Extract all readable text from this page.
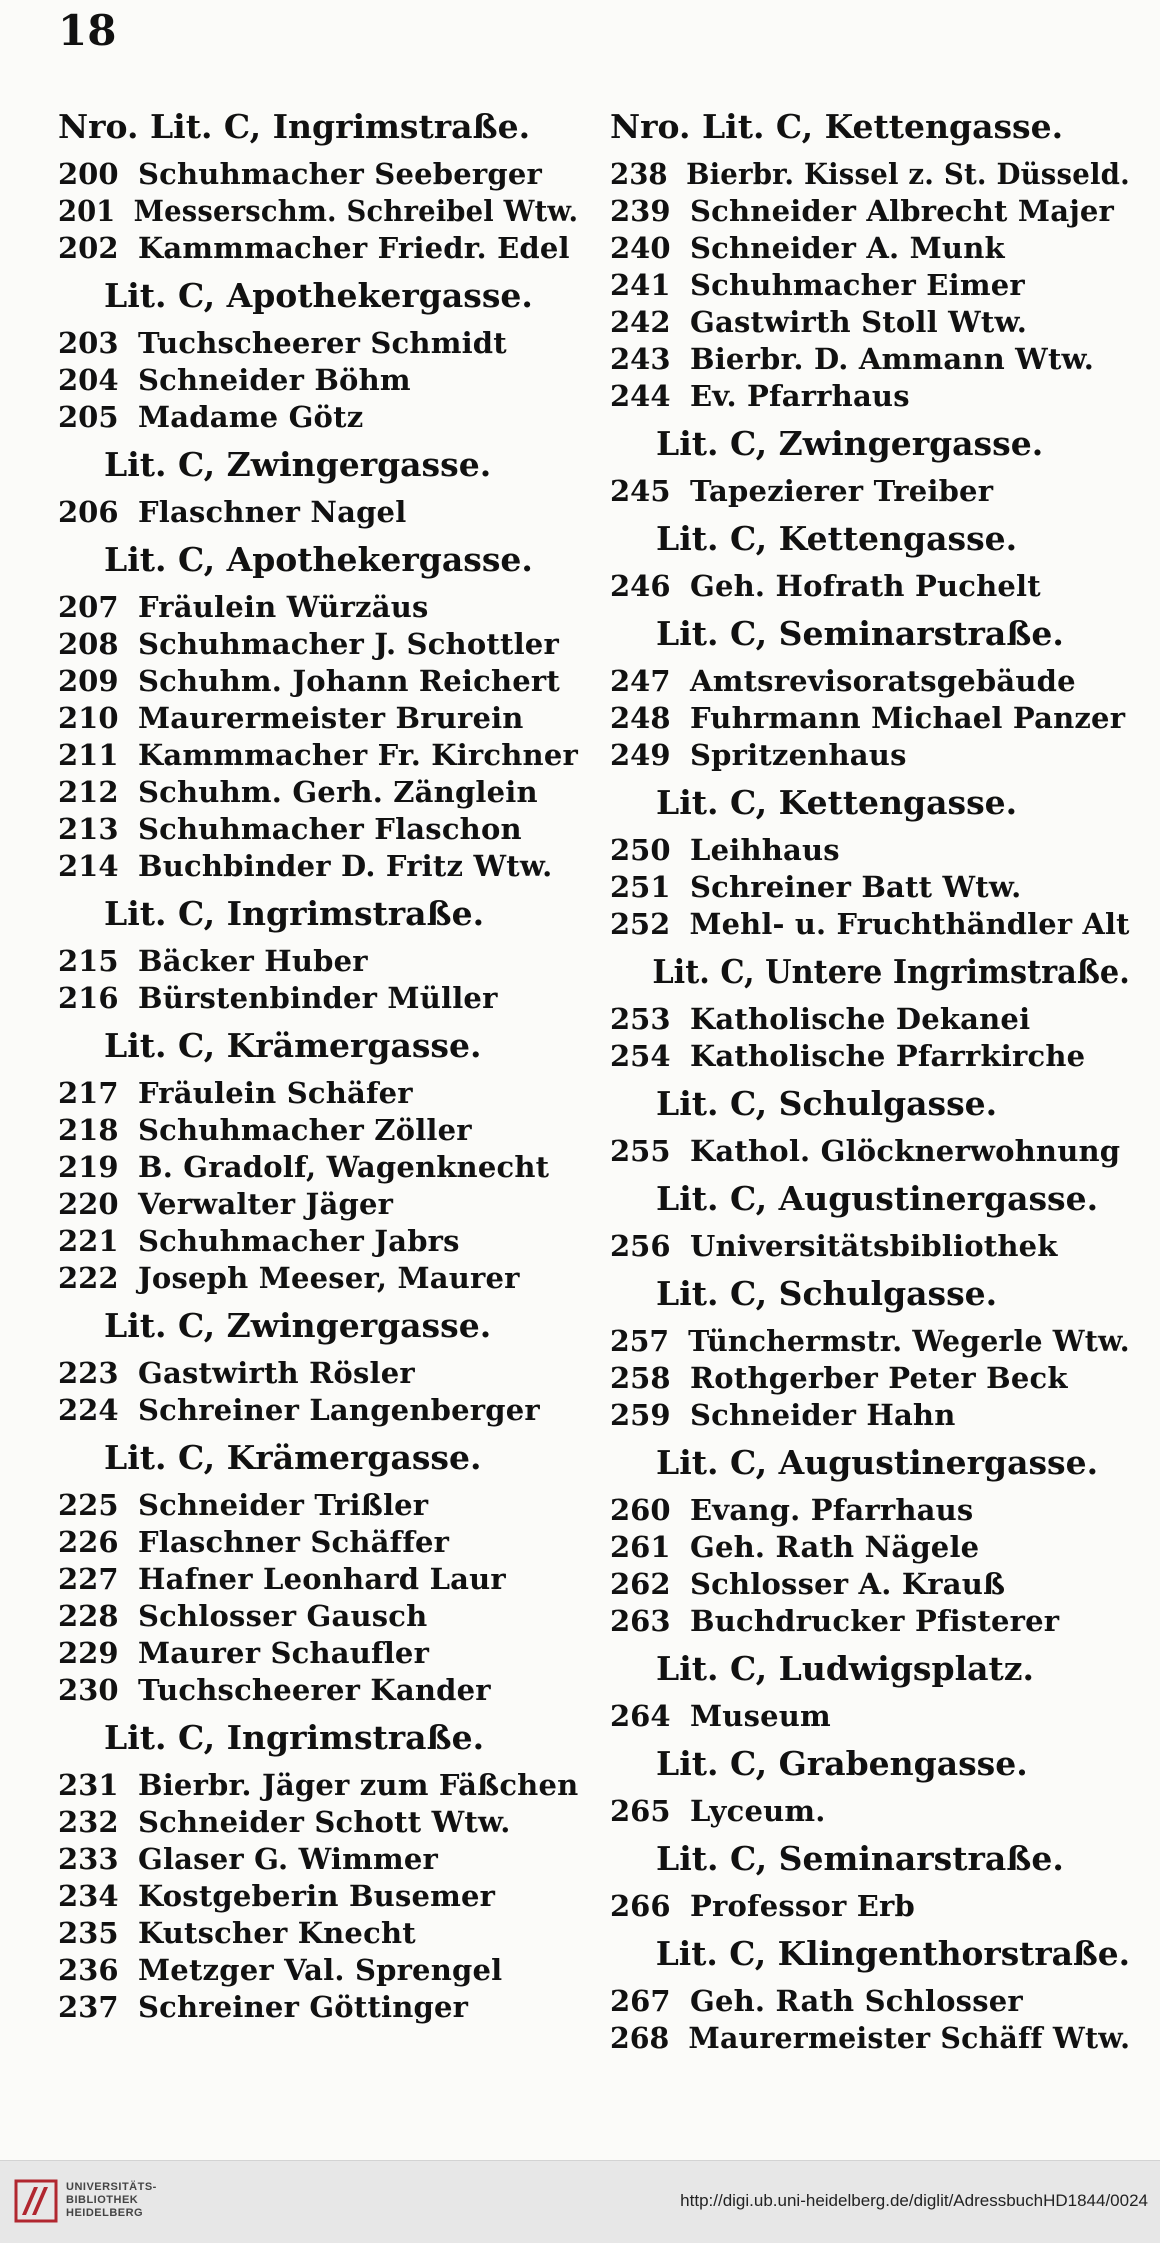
18
Nro. Lit. C, Ingrimstraße.
200 Schuhmacher Seeberger
201 Messerschm. Schreibel Wtw.
202 Kammmacher Friedr. Edel
Lit. C, Apothekergasse.
203 Tuchscheerer Schmidt
204 Schneider Böhm
205 Madame Götz
Lit. C, Zwingergasse.
206 Flaschner Nagel
Lit. C, Apothekergasse.
207 Fräulein Würzäus
208 Schuhmacher J. Schottler
209 Schuhm. Johann Reichert
210 Maurermeister Brurein
211 Kammmacher Fr. Kirchner
212 Schuhm. Gerh. Zänglein
213 Schuhmacher Flaschon
214 Buchbinder D. Fritz Wtw.
Lit. C, Ingrimstraße.
215 Bäcker Huber
216 Bürstenbinder Müller
Lit. C, Krämergasse.
217 Fräulein Schäfer
218 Schuhmacher Zöller
219 B. Gradolf, Wagenknecht
220 Verwalter Jäger
221 Schuhmacher Jabrs
222 Joseph Meeser, Maurer
Lit. C, Zwingergasse.
223 Gastwirth Rösler
224 Schreiner Langenberger
Lit. C, Krämergasse.
225 Schneider Trißler
226 Flaschner Schäffer
227 Hafner Leonhard Laur
228 Schlosser Gausch
229 Maurer Schaufler
230 Tuchscheerer Kander
Lit. C, Ingrimstraße.
231 Bierbr. Jäger zum Fäßchen
232 Schneider Schott Wtw.
233 Glaser G. Wimmer
234 Kostgeberin Busemer
235 Kutscher Knecht
236 Metzger Val. Sprengel
237 Schreiner Göttinger
Nro. Lit. C, Kettengasse.
238 Bierbr. Kissel z. St. Düsseld.
239 Schneider Albrecht Majer
240 Schneider A. Munk
241 Schuhmacher Eimer
242 Gastwirth Stoll Wtw.
243 Bierbr. D. Ammann Wtw.
244 Ev. Pfarrhaus
Lit. C, Zwingergasse.
245 Tapezierer Treiber
Lit. C, Kettengasse.
246 Geh. Hofrath Puchelt
Lit. C, Seminarstraße.
247 Amtsrevisoratsgebäude
248 Fuhrmann Michael Panzer
249 Spritzenhaus
Lit. C, Kettengasse.
250 Leihhaus
251 Schreiner Batt Wtw.
252 Mehl- u. Fruchthändler Alt
Lit. C, Untere Ingrimstraße.
253 Katholische Dekanei
254 Katholische Pfarrkirche
Lit. C, Schulgasse.
255 Kathol. Glöcknerwohnung
Lit. C, Augustinergasse.
256 Universitätsbibliothek
Lit. C, Schulgasse.
257 Tünchermstr. Wegerle Wtw.
258 Rothgerber Peter Beck
259 Schneider Hahn
Lit. C, Augustinergasse.
260 Evang. Pfarrhaus
261 Geh. Rath Nägele
262 Schlosser A. Krauß
263 Buchdrucker Pfisterer
Lit. C, Ludwigsplatz.
264 Museum
Lit. C, Grabengasse.
265 Lyceum.
Lit. C, Seminarstraße.
266 Professor Erb
Lit. C, Klingenthorstraße.
267 Geh. Rath Schlosser
268 Maurermeister Schäff Wtw.
UNIVERSITÄTS-
BIBLIOTHEK
HEIDELBERG
http://digi.ub.uni-heidelberg.de/diglit/AdressbuchHD1844/0024
